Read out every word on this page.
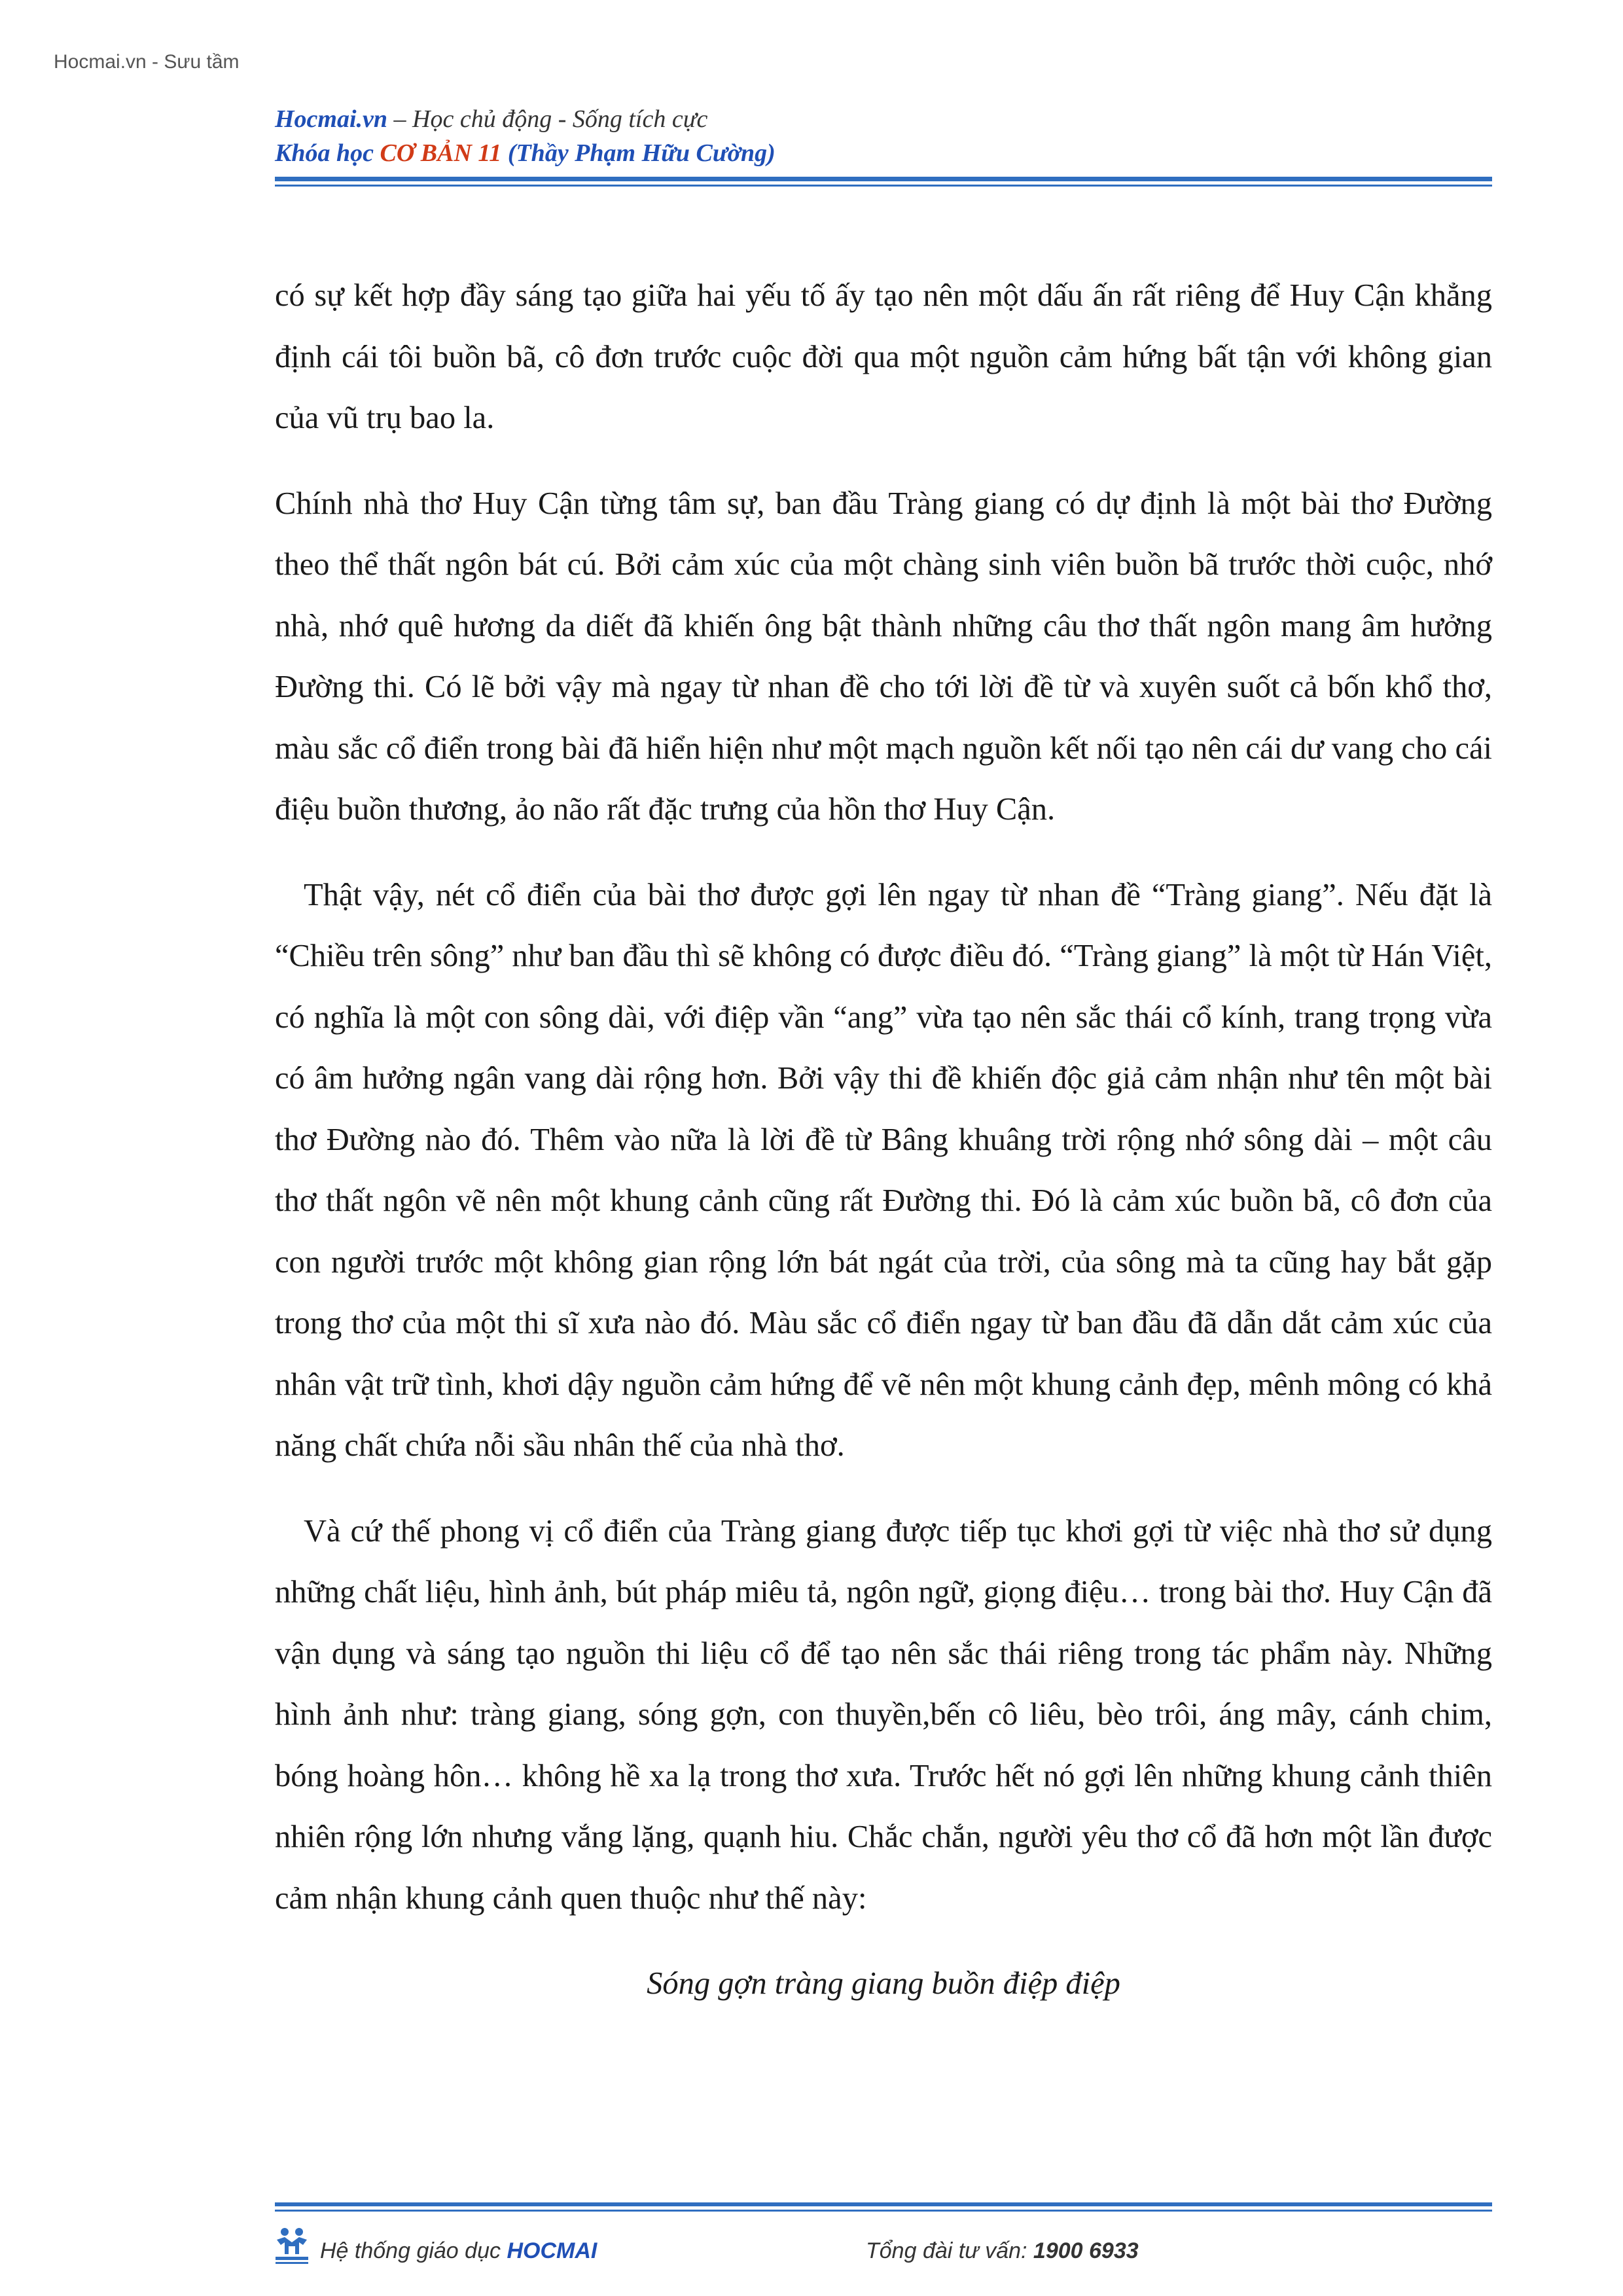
Hocmai.vn - Sưu tầm
Hocmai.vn – Học chủ động - Sống tích cực
Khóa học CƠ BẢN 11 (Thầy Phạm Hữu Cường)

có sự kết hợp đầy sáng tạo giữa hai yếu tố ấy tạo nên một dấu ấn rất riêng để Huy Cận khẳng định cái tôi buồn bã, cô đơn trước cuộc đời qua một nguồn cảm hứng bất tận với không gian của vũ trụ bao la.

Chính nhà thơ Huy Cận từng tâm sự, ban đầu Tràng giang có dự định là một bài thơ Đường theo thể thất ngôn bát cú. Bởi cảm xúc của một chàng sinh viên buồn bã trước thời cuộc, nhớ nhà, nhớ quê hương da diết đã khiến ông bật thành những câu thơ thất ngôn mang âm hưởng Đường thi. Có lẽ bởi vậy mà ngay từ nhan đề cho tới lời đề từ và xuyên suốt cả bốn khổ thơ, màu sắc cổ điển trong bài đã hiển hiện như một mạch nguồn kết nối tạo nên cái dư vang cho cái điệu buồn thương, ảo não rất đặc trưng của hồn thơ Huy Cận.

Thật vậy, nét cổ điển của bài thơ được gợi lên ngay từ nhan đề “Tràng giang”. Nếu đặt là “Chiều trên sông” như ban đầu thì sẽ không có được điều đó. “Tràng giang” là một từ Hán Việt, có nghĩa là một con sông dài, với điệp vần “ang” vừa tạo nên sắc thái cổ kính, trang trọng vừa có âm hưởng ngân vang dài rộng hơn. Bởi vậy thi đề khiến độc giả cảm nhận như tên một bài thơ Đường nào đó. Thêm vào nữa là lời đề từ Bâng khuâng trời rộng nhớ sông dài – một câu thơ thất ngôn vẽ nên một khung cảnh cũng rất Đường thi. Đó là cảm xúc buồn bã, cô đơn của con người trước một không gian rộng lớn bát ngát của trời, của sông mà ta cũng hay bắt gặp trong thơ của một thi sĩ xưa nào đó. Màu sắc cổ điển ngay từ ban đầu đã dẫn dắt cảm xúc của nhân vật trữ tình, khơi dậy nguồn cảm hứng để vẽ nên một khung cảnh đẹp, mênh mông có khả năng chất chứa nỗi sầu nhân thế của nhà thơ.

Và cứ thế phong vị cổ điển của Tràng giang được tiếp tục khơi gợi từ việc nhà thơ sử dụng những chất liệu, hình ảnh, bút pháp miêu tả, ngôn ngữ, giọng điệu… trong bài thơ. Huy Cận đã vận dụng và sáng tạo nguồn thi liệu cổ để tạo nên sắc thái riêng trong tác phẩm này. Những hình ảnh như: tràng giang, sóng gợn, con thuyền,bến cô liêu, bèo trôi, áng mây, cánh chim, bóng hoàng hôn… không hề xa lạ trong thơ xưa. Trước hết nó gợi lên những khung cảnh thiên nhiên rộng lớn nhưng vắng lặng, quạnh hiu. Chắc chắn, người yêu thơ cổ đã hơn một lần được cảm nhận khung cảnh quen thuộc như thế này:

Sóng gợn tràng giang buồn điệp điệp

Hệ thống giáo dục HOCMAI	Tổng đài tư vấn: 1900 6933
